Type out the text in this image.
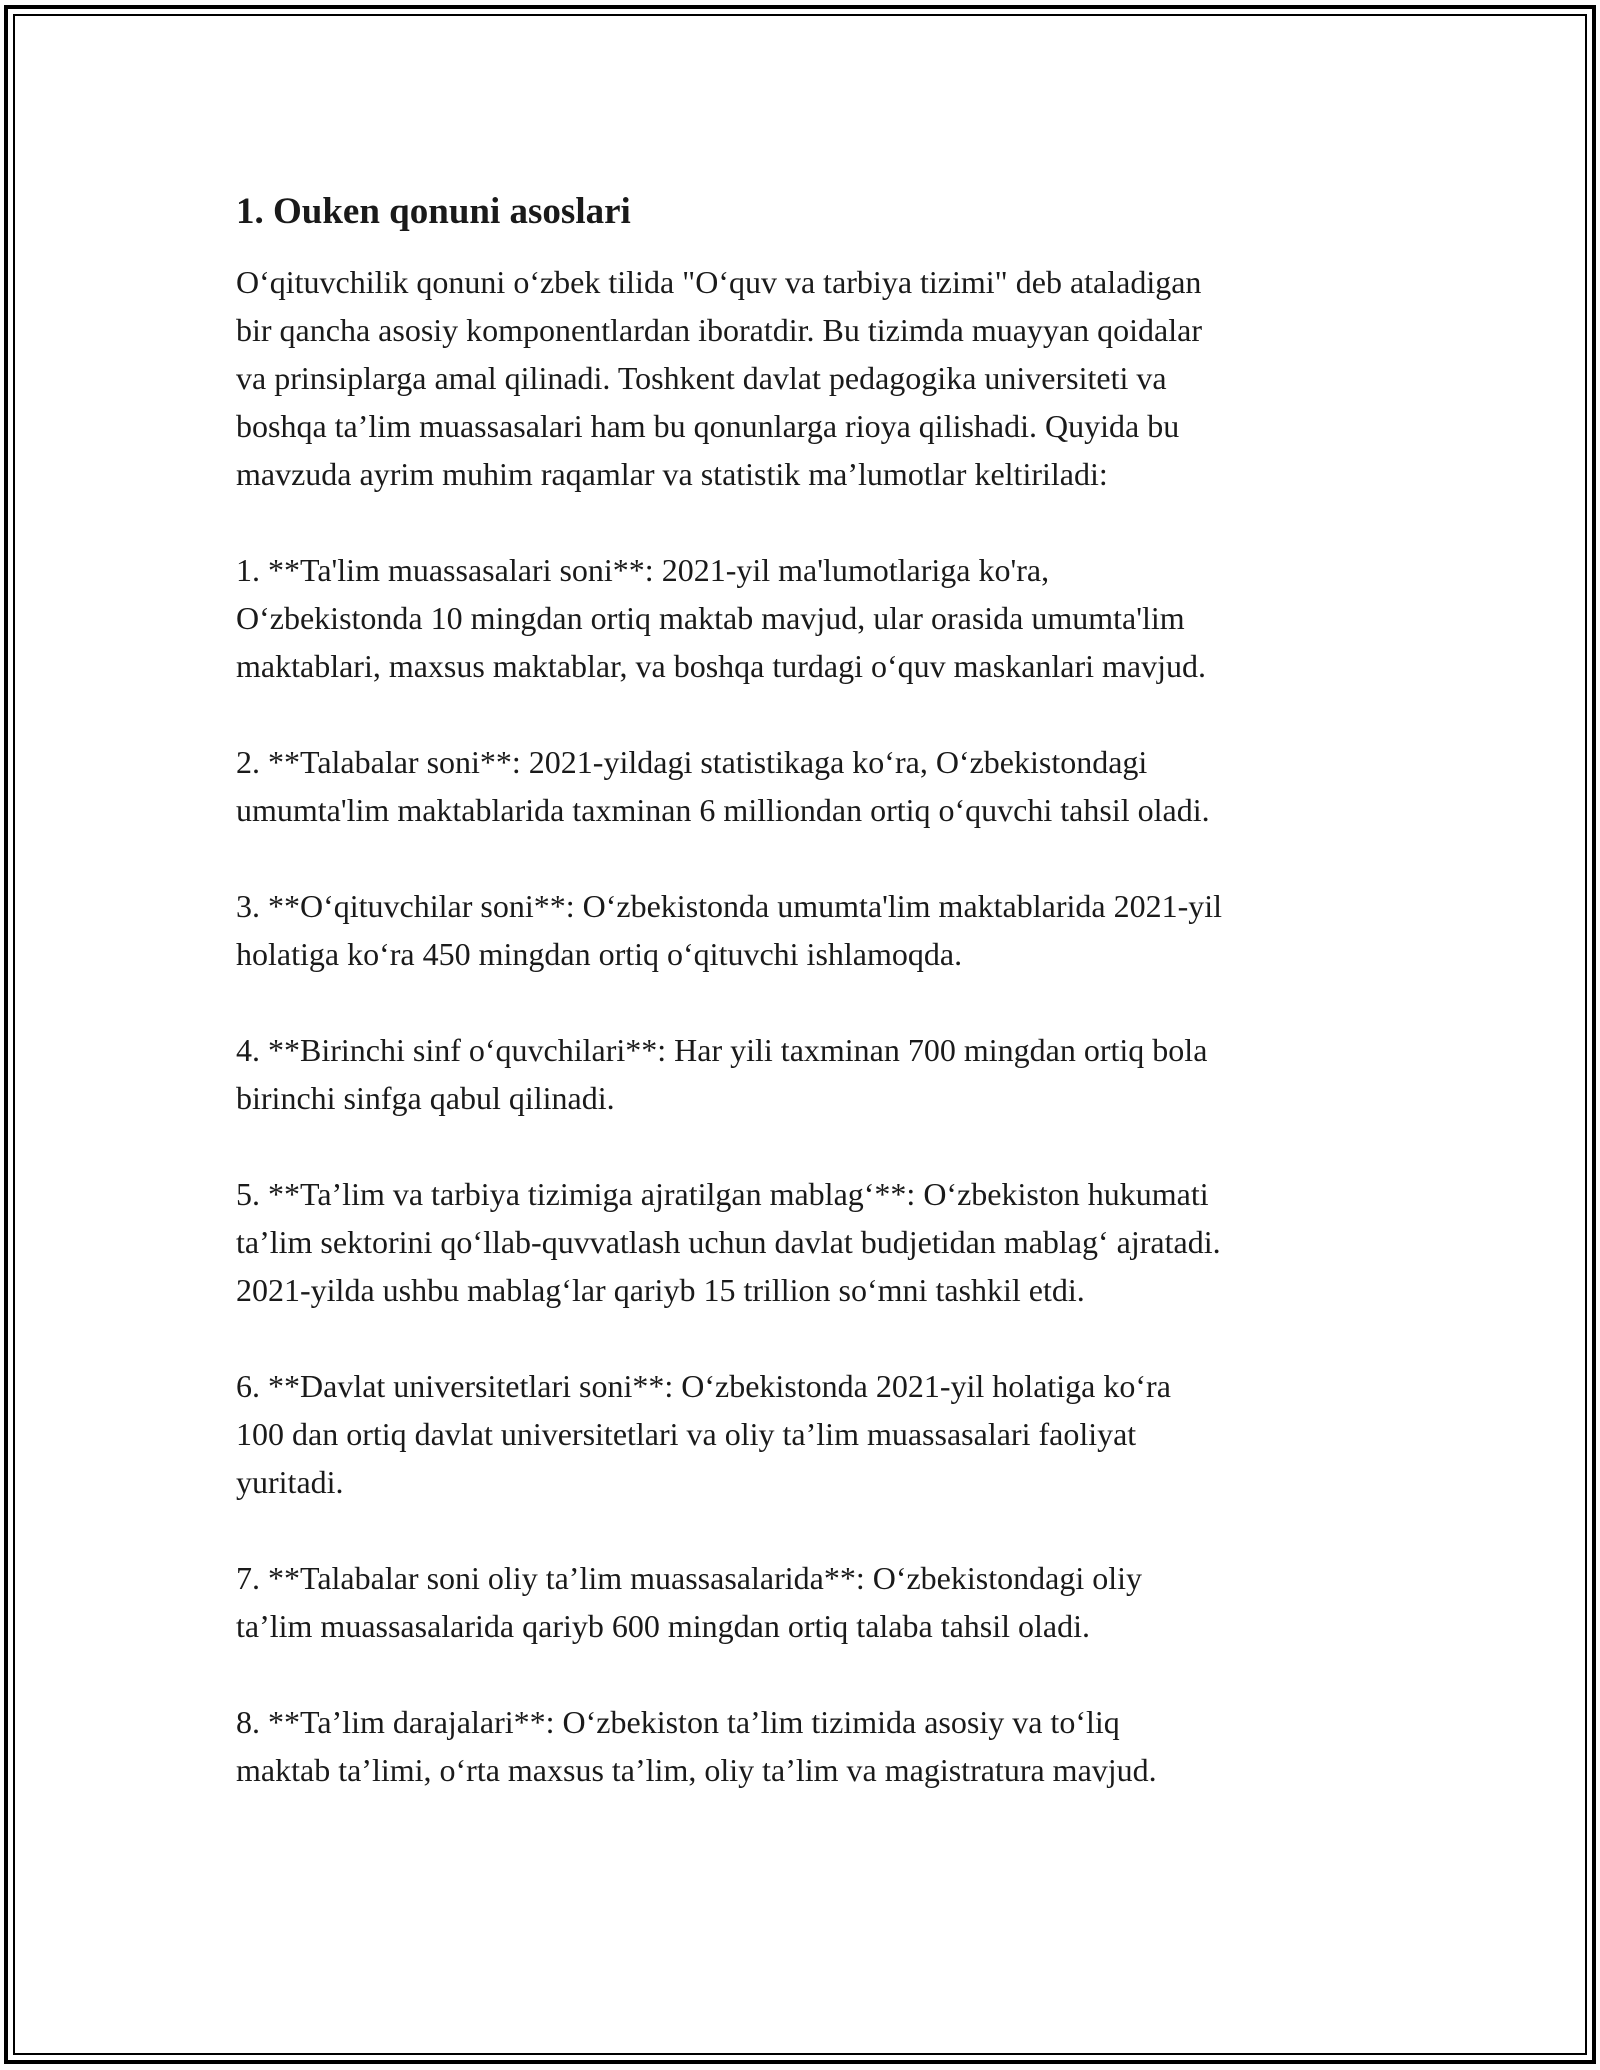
1. Ouken qonuni asoslari

O‘qituvchilik qonuni o‘zbek tilida "O‘quv va tarbiya tizimi" deb ataladigan
bir qancha asosiy komponentlardan iboratdir. Bu tizimda muayyan qoidalar
va prinsiplarga amal qilinadi. Toshkent davlat pedagogika universiteti va
boshqa ta’lim muassasalari ham bu qonunlarga rioya qilishadi. Quyida bu
mavzuda ayrim muhim raqamlar va statistik ma’lumotlar keltiriladi:

1. **Ta'lim muassasalari soni**: 2021-yil ma'lumotlariga ko'ra,
O‘zbekistonda 10 mingdan ortiq maktab mavjud, ular orasida umumta'lim
maktablari, maxsus maktablar, va boshqa turdagi o‘quv maskanlari mavjud.

2. **Talabalar soni**: 2021-yildagi statistikaga ko‘ra, O‘zbekistondagi
umumta'lim maktablarida taxminan 6 milliondan ortiq o‘quvchi tahsil oladi.

3. **O‘qituvchilar soni**: O‘zbekistonda umumta'lim maktablarida 2021-yil
holatiga ko‘ra 450 mingdan ortiq o‘qituvchi ishlamoqda.

4. **Birinchi sinf o‘quvchilari**: Har yili taxminan 700 mingdan ortiq bola
birinchi sinfga qabul qilinadi.

5. **Ta’lim va tarbiya tizimiga ajratilgan mablag‘**: O‘zbekiston hukumati
ta’lim sektorini qo‘llab-quvvatlash uchun davlat budjetidan mablag‘ ajratadi.
2021-yilda ushbu mablag‘lar qariyb 15 trillion so‘mni tashkil etdi.

6. **Davlat universitetlari soni**: O‘zbekistonda 2021-yil holatiga ko‘ra
100 dan ortiq davlat universitetlari va oliy ta’lim muassasalari faoliyat
yuritadi.

7. **Talabalar soni oliy ta’lim muassasalarida**: O‘zbekistondagi oliy
ta’lim muassasalarida qariyb 600 mingdan ortiq talaba tahsil oladi.

8. **Ta’lim darajalari**: O‘zbekiston ta’lim tizimida asosiy va to‘liq
maktab ta’limi, o‘rta maxsus ta’lim, oliy ta’lim va magistratura mavjud.
